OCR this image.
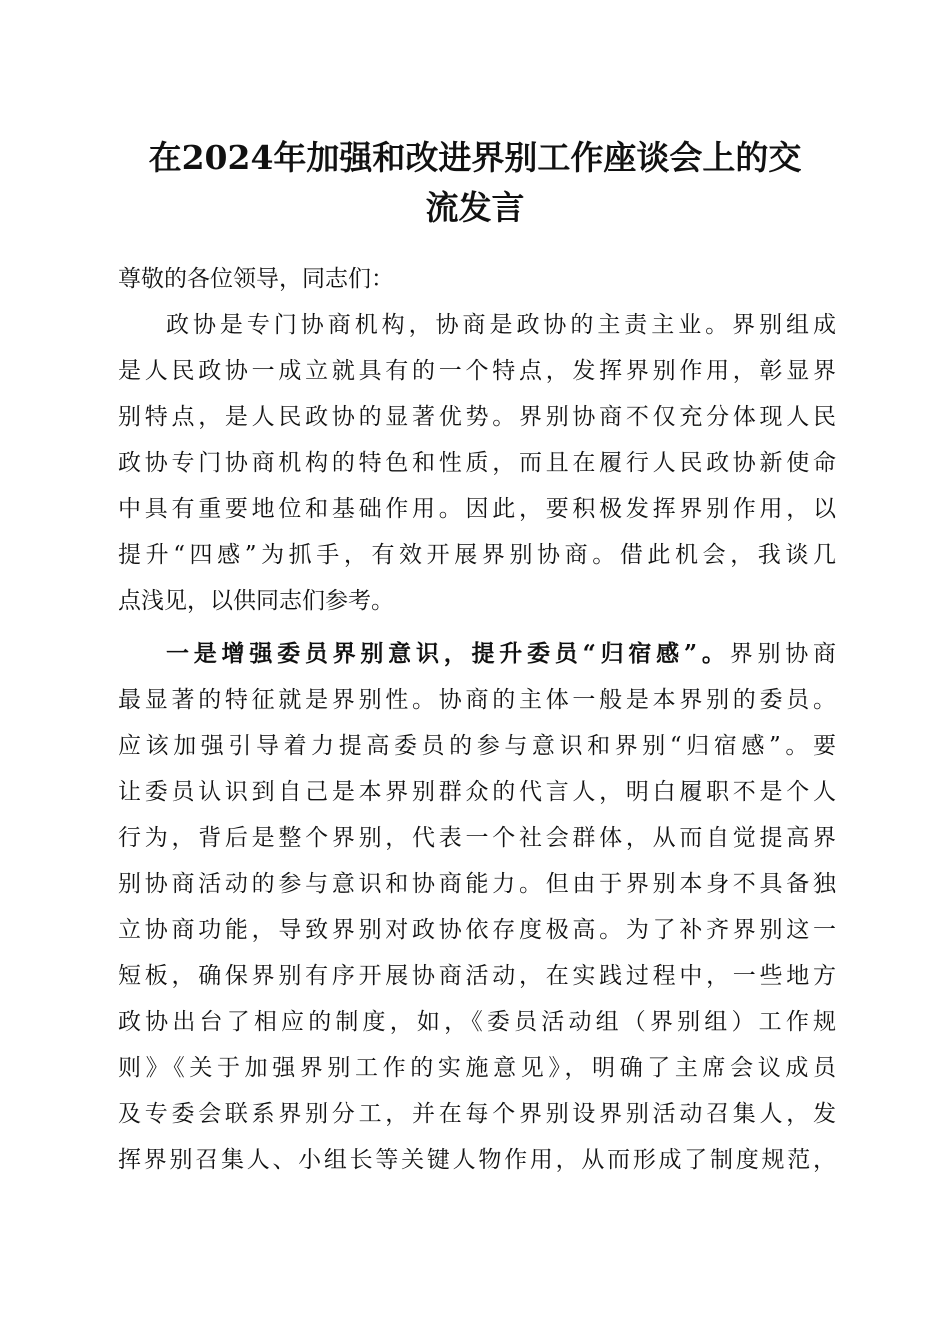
在2024年加强和改进界别工作座谈会上的交
流发言
尊敬的各位领导，同志们：
政协是专门协商机构，协商是政协的主责主业。界别组成
是人民政协一成立就具有的一个特点，发挥界别作用，彰显界
别特点，是人民政协的显著优势。界别协商不仅充分体现人民
政协专门协商机构的特色和性质，而且在履行人民政协新使命
中具有重要地位和基础作用。因此，要积极发挥界别作用，以
提升“四感”为抓手，有效开展界别协商。借此机会，我谈几
点浅见，以供同志们参考。
一是增强委员界别意识，提升委员“归宿感”。界别协商
最显著的特征就是界别性。协商的主体一般是本界别的委员。
应该加强引导着力提高委员的参与意识和界别“归宿感”。要
让委员认识到自己是本界别群众的代言人，明白履职不是个人
行为，背后是整个界别，代表一个社会群体，从而自觉提高界
别协商活动的参与意识和协商能力。但由于界别本身不具备独
立协商功能，导致界别对政协依存度极高。为了补齐界别这一
短板，确保界别有序开展协商活动，在实践过程中，一些地方
政协出台了相应的制度，如，《委员活动组（界别组）工作规
则》《关于加强界别工作的实施意见》，明确了主席会议成员
及专委会联系界别分工，并在每个界别设界别活动召集人，发
挥界别召集人、小组长等关键人物作用，从而形成了制度规范，
